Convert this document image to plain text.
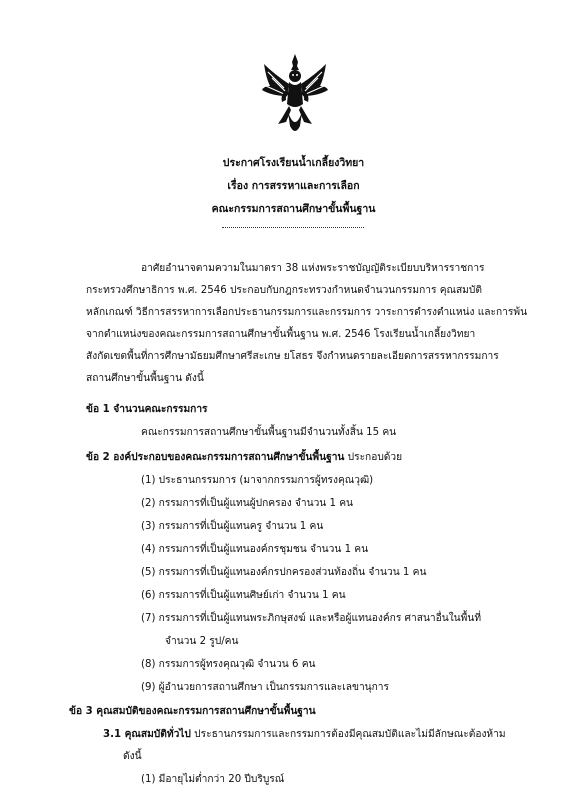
ประกาศโรงเรียนน้ำเกลี้ยงวิทยา
เรื่อง การสรรหาและการเลือก
คณะกรรมการสถานศึกษาขั้นพื้นฐาน
อาศัยอำนาจตามความในมาตรา 38 แห่งพระราชบัญญัติระเบียบบริหารราชการ
กระทรวงศึกษาธิการ พ.ศ. 2546 ประกอบกับกฎกระทรวงกำหนดจำนวนกรรมการ คุณสมบัติ
หลักเกณฑ์ วิธีการสรรหาการเลือกประธานกรรมการและกรรมการ วาระการดำรงตำแหน่ง และการพ้น
จากตำแหน่งของคณะกรรมการสถานศึกษาขั้นพื้นฐาน พ.ศ. 2546 โรงเรียนน้ำเกลี้ยงวิทยา
สังกัดเขตพื้นที่การศึกษามัธยมศึกษาศรีสะเกษ ยโสธร จึงกำหนดรายละเอียดการสรรหากรรมการ
สถานศึกษาขั้นพื้นฐาน ดังนี้
ข้อ 1 จำนวนคณะกรรมการ
คณะกรรมการสถานศึกษาขั้นพื้นฐานมีจำนวนทั้งสิ้น 15 คน
ข้อ 2 องค์ประกอบของคณะกรรมการสถานศึกษาขั้นพื้นฐาน ประกอบด้วย
(1) ประธานกรรมการ (มาจากกรรมการผู้ทรงคุณวุฒิ)
(2) กรรมการที่เป็นผู้แทนผู้ปกครอง จำนวน 1 คน
(3) กรรมการที่เป็นผู้แทนครู จำนวน 1 คน
(4) กรรมการที่เป็นผู้แทนองค์กรชุมชน จำนวน 1 คน
(5) กรรมการที่เป็นผู้แทนองค์กรปกครองส่วนท้องถิ่น จำนวน 1 คน
(6) กรรมการที่เป็นผู้แทนศิษย์เก่า จำนวน 1 คน
(7) กรรมการที่เป็นผู้แทนพระภิกษุสงฆ์ และหรือผู้แทนองค์กร ศาสนาอื่นในพื้นที่
จำนวน 2 รูป/คน
(8) กรรมการผู้ทรงคุณวุฒิ จำนวน 6 คน
(9) ผู้อำนวยการสถานศึกษา เป็นกรรมการและเลขานุการ
ข้อ 3 คุณสมบัติของคณะกรรมการสถานศึกษาขั้นพื้นฐาน
3.1 คุณสมบัติทั่วไป ประธานกรรมการและกรรมการต้องมีคุณสมบัติและไม่มีลักษณะต้องห้าม
ดังนี้
(1) มีอายุไม่ต่ำกว่า 20 ปีบริบูรณ์
